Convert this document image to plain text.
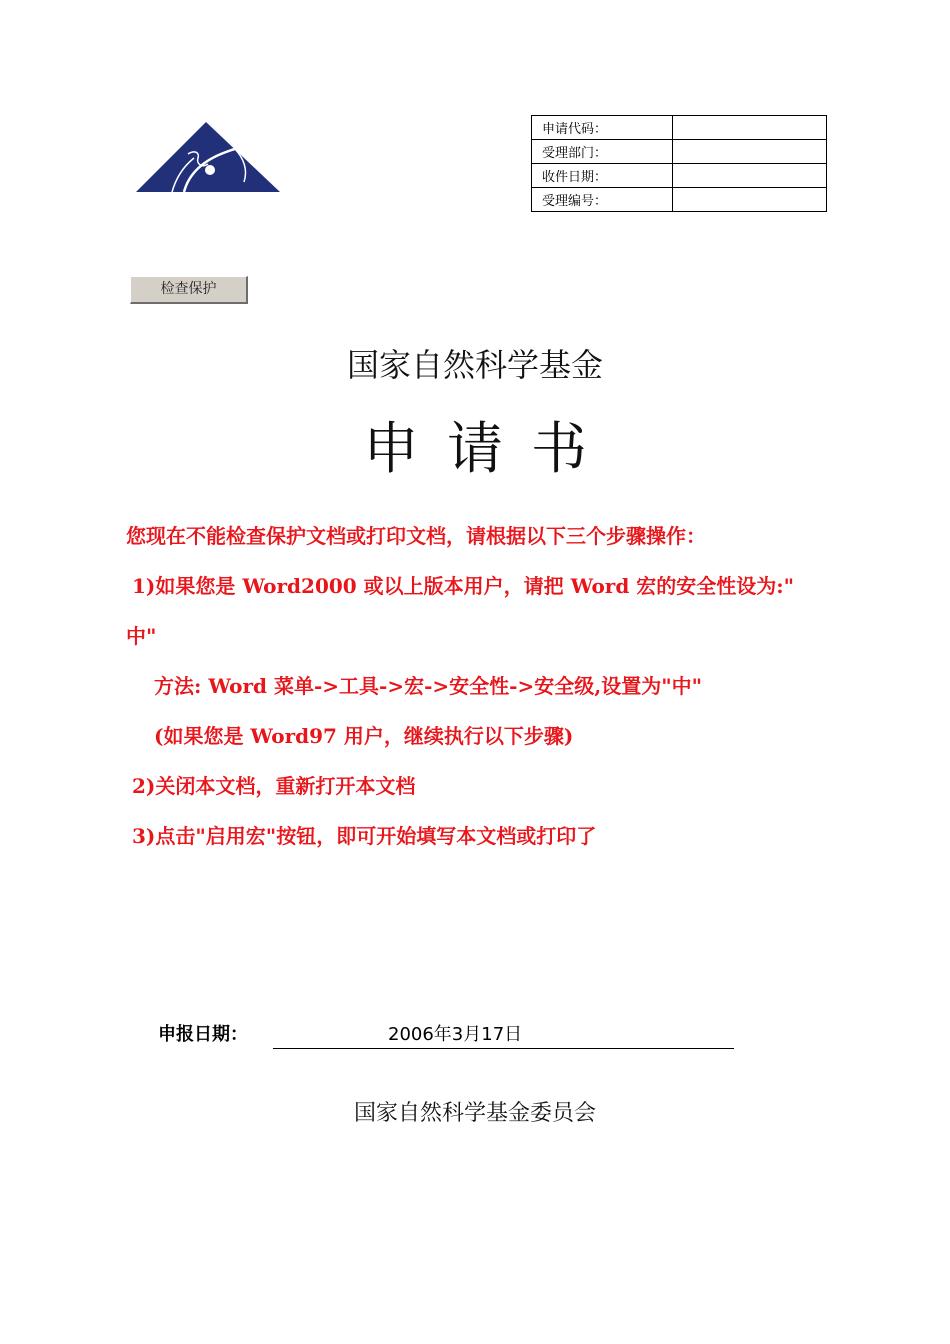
申请代码：	
受理部门：	
收件日期：	
受理编号：	
检查保护
国家自然科学基金
申请书
您现在不能检查保护文档或打印文档，请根据以下三个步骤操作：
1)如果您是 Word2000 或以上版本用户，请把 Word 宏的安全性设为:"
中"
方法: Word 菜单->工具->宏->安全性->安全级,设置为"中"
(如果您是 Word97 用户，继续执行以下步骤)
2)关闭本文档，重新打开本文档
3)点击"启用宏"按钮，即可开始填写本文档或打印了
申报日期：	2006年3月17日
国家自然科学基金委员会
